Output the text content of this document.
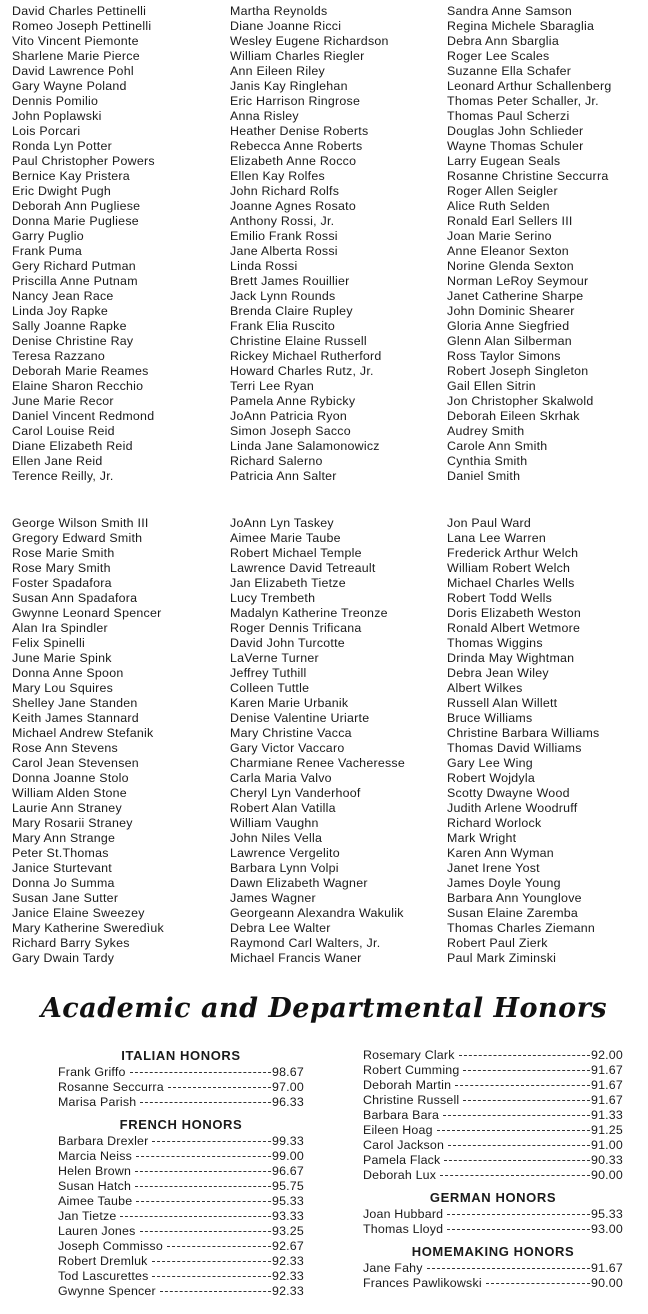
David Charles Pettinelli
Romeo Joseph Pettinelli
Vito Vincent Piemonte
Sharlene Marie Pierce
David Lawrence Pohl
Gary Wayne Poland
Dennis Pomilio
John Poplawski
Lois Porcari
Ronda Lyn Potter
Paul Christopher Powers
Bernice Kay Pristera
Eric Dwight Pugh
Deborah Ann Pugliese
Donna Marie Pugliese
Garry Puglio
Frank Puma
Gery Richard Putman
Priscilla Anne Putnam
Nancy Jean Race
Linda Joy Rapke
Sally Joanne Rapke
Denise Christine Ray
Teresa Razzano
Deborah Marie Reames
Elaine Sharon Recchio
June Marie Recor
Daniel Vincent Redmond
Carol Louise Reid
Diane Elizabeth Reid
Ellen Jane Reid
Terence Reilly, Jr.
Martha Reynolds
Diane Joanne Ricci
Wesley Eugene Richardson
William Charles Riegler
Ann Eileen Riley
Janis Kay Ringlehan
Eric Harrison Ringrose
Anna Risley
Heather Denise Roberts
Rebecca Anne Roberts
Elizabeth Anne Rocco
Ellen Kay Rolfes
John Richard Rolfs
Joanne Agnes Rosato
Anthony Rossi, Jr.
Emilio Frank Rossi
Jane Alberta Rossi
Linda Rossi
Brett James Rouillier
Jack Lynn Rounds
Brenda Claire Rupley
Frank Elia Ruscito
Christine Elaine Russell
Rickey Michael Rutherford
Howard Charles Rutz, Jr.
Terri Lee Ryan
Pamela Anne Rybicky
JoAnn Patricia Ryon
Simon Joseph Sacco
Linda Jane Salamonowicz
Richard Salerno
Patricia Ann Salter
Sandra Anne Samson
Regina Michele Sbaraglia
Debra Ann Sbarglia
Roger Lee Scales
Suzanne Ella Schafer
Leonard Arthur Schallenberg
Thomas Peter Schaller, Jr.
Thomas Paul Scherzi
Douglas John Schlieder
Wayne Thomas Schuler
Larry Eugean Seals
Rosanne Christine Seccurra
Roger Allen Seigler
Alice Ruth Selden
Ronald Earl Sellers III
Joan Marie Serino
Anne Eleanor Sexton
Norine Glenda Sexton
Norman LeRoy Seymour
Janet Catherine Sharpe
John Dominic Shearer
Gloria Anne Siegfried
Glenn Alan Silberman
Ross Taylor Simons
Robert Joseph Singleton
Gail Ellen Sitrin
Jon Christopher Skalwold
Deborah Eileen Skrhak
Audrey Smith
Carole Ann Smith
Cynthia Smith
Daniel Smith
George Wilson Smith III
Gregory Edward Smith
Rose Marie Smith
Rose Mary Smith
Foster Spadafora
Susan Ann Spadafora
Gwynne Leonard Spencer
Alan Ira Spindler
Felix Spinelli
June Marie Spink
Donna Anne Spoon
Mary Lou Squires
Shelley Jane Standen
Keith James Stannard
Michael Andrew Stefanik
Rose Ann Stevens
Carol Jean Stevensen
Donna Joanne Stolo
William Alden Stone
Laurie Ann Straney
Mary Rosarii Straney
Mary Ann Strange
Peter St.Thomas
Janice Sturtevant
Donna Jo Summa
Susan Jane Sutter
Janice Elaine Sweezey
Mary Katherine Sweredìuk
Richard Barry Sykes
Gary Dwain Tardy
JoAnn Lyn Taskey
Aimee Marie Taube
Robert Michael Temple
Lawrence David Tetreault
Jan Elizabeth Tietze
Lucy Trembeth
Madalyn Katherine Treonze
Roger Dennis Trificana
David John Turcotte
LaVerne Turner
Jeffrey Tuthill
Colleen Tuttle
Karen Marie Urbanik
Denise Valentine Uriarte
Mary Christine Vacca
Gary Victor Vaccaro
Charmiane Renee Vacheresse
Carla Maria Valvo
Cheryl Lyn Vanderhoof
Robert Alan Vatilla
William Vaughn
John Niles Vella
Lawrence Vergelito
Barbara Lynn Volpi
Dawn Elizabeth Wagner
James Wagner
Georgeann Alexandra Wakulik
Debra Lee Walter
Raymond Carl Walters, Jr.
Michael Francis Waner
Jon Paul Ward
Lana Lee Warren
Frederick Arthur Welch
William Robert Welch
Michael Charles Wells
Robert Todd Wells
Doris Elizabeth Weston
Ronald Albert Wetmore
Thomas Wiggins
Drinda May Wightman
Debra Jean Wiley
Albert Wilkes
Russell Alan Willett
Bruce Williams
Christine Barbara Williams
Thomas David Williams
Gary Lee Wing
Robert Wojdyla
Scotty Dwayne Wood
Judith Arlene Woodruff
Richard Worlock
Mark Wright
Karen Ann Wyman
Janet Irene Yost
James Doyle Young
Barbara Ann Younglove
Susan Elaine Zaremba
Thomas Charles Ziemann
Robert Paul Zierk
Paul Mark Ziminski
Academic and Departmental Honors
ITALIAN HONORS
Frank Griffo	98.67
Rosanne Seccurra	97.00
Marisa Parish	96.33
FRENCH HONORS
Barbara Drexler	99.33
Marcia Neiss	99.00
Helen Brown	96.67
Susan Hatch	95.75
Aimee Taube	95.33
Jan Tietze	93.33
Lauren Jones	93.25
Joseph Commisso	92.67
Robert Dremluk	92.33
Tod Lascurettes	92.33
Gwynne Spencer	92.33
Rosemary Clark	92.00
Robert Cumming	91.67
Deborah Martin	91.67
Christine Russell	91.67
Barbara Bara	91.33
Eileen Hoag	91.25
Carol Jackson	91.00
Pamela Flack	90.33
Deborah Lux	90.00
GERMAN HONORS
Joan Hubbard	95.33
Thomas Lloyd	93.00
HOMEMAKING HONORS
Jane Fahy	91.67
Frances Pawlikowski	90.00
